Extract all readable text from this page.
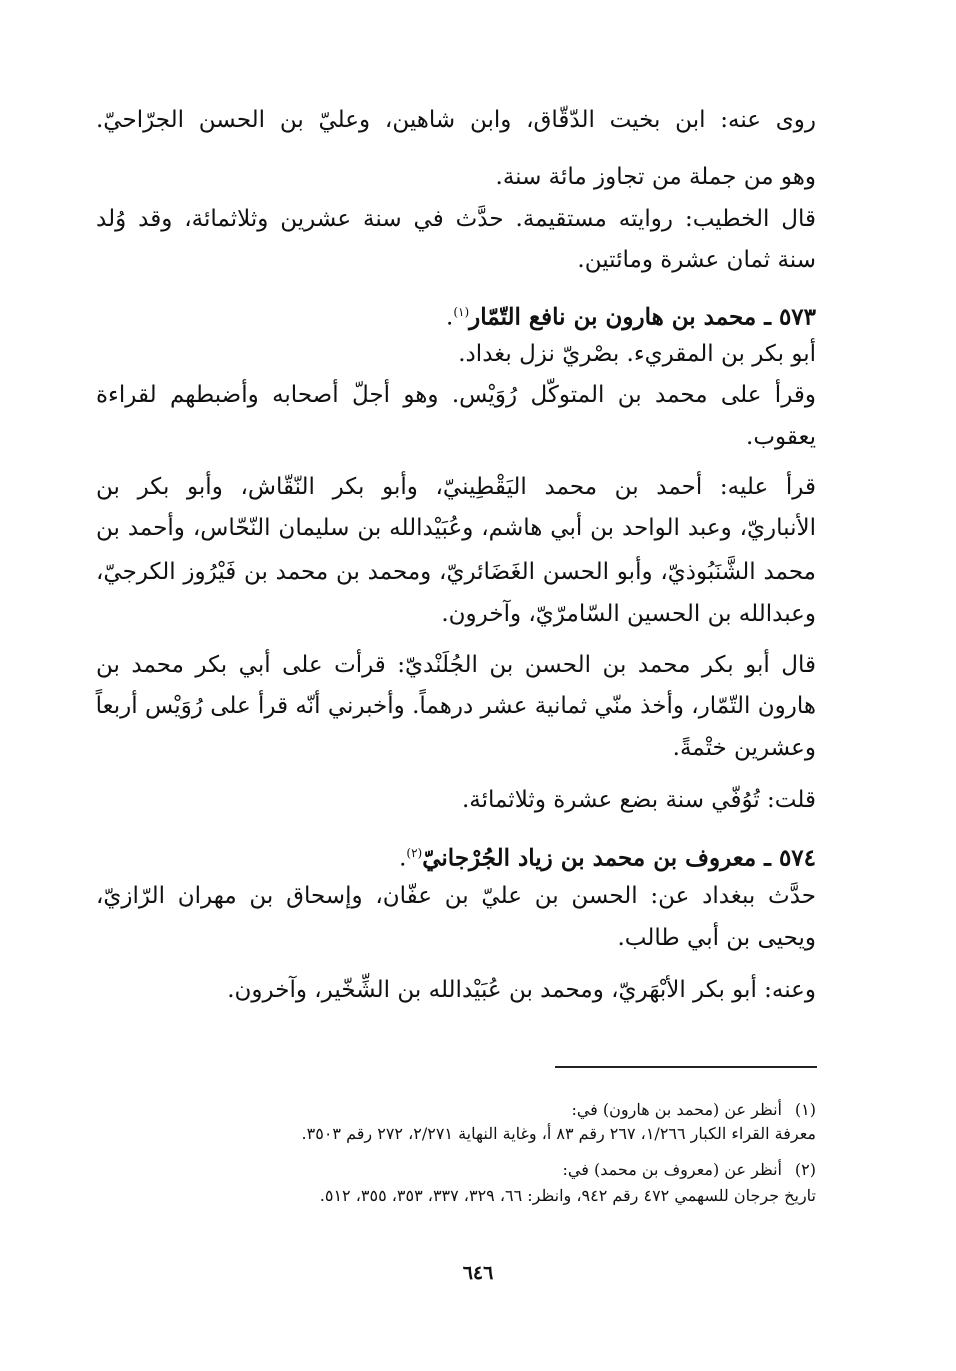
روى عنه: ابن بخيت الدّقّاق، وابن شاهين، وعليّ بن الحسن الجرّاحيّ.
وهو من جملة من تجاوز مائة سنة.
قال الخطيب: روايته مستقيمة. حدَّث في سنة عشرين وثلاثمائة، وقد وُلد
سنة ثمان عشرة ومائتين.
٥٧٣ ـ محمد بن هارون بن نافع التّمّار$^{(١)}$.
أبو بكر بن المقريء. بصْريّ نزل بغداد.
وقرأ على محمد بن المتوكّل رُوَيْس. وهو أجلّ أصحابه وأضبطهم لقراءة
يعقوب.
قرأ عليه: أحمد بن محمد اليَقْطِينيّ، وأبو بكر النّقّاش، وأبو بكر بن
الأنباريّ، وعبد الواحد بن أبي هاشم، وعُبَيْدالله بن سليمان النّحّاس، وأحمد بن
محمد الشَّنَبُوذيّ، وأبو الحسن الغَضَائريّ، ومحمد بن محمد بن فَيْرُوز الكرجيّ،
وعبدالله بن الحسين السّامرّيّ، وآخرون.
قال أبو بكر محمد بن الحسن بن الجُلَنْديّ: قرأت على أبي بكر محمد بن
هارون التّمّار، وأخذ منّي ثمانية عشر درهماً. وأخبرني أنّه قرأ على رُوَيْس أربعاً
وعشرين ختْمةً.
قلت: تُوُفّي سنة بضع عشرة وثلاثمائة.
٥٧٤ ـ معروف بن محمد بن زياد الجُرْجانيّ$^{(٢)}$.
حدَّث ببغداد عن: الحسن بن عليّ بن عفّان، وإسحاق بن مهران الرّازيّ،
ويحيى بن أبي طالب.
وعنه: أبو بكر الأبْهَريّ، ومحمد بن عُبَيْدالله بن الشِّخّير، وآخرون.
(١)أنظر عن (محمد بن هارون) في:
معرفة القراء الكبار ١/٢٦٦، ٢٦٧ رقم ٨٣ أ، وغاية النهاية ٢/٢٧١، ٢٧٢ رقم ٣٥٠٣.
(٢)أنظر عن (معروف بن محمد) في:
تاريخ جرجان للسهمي ٤٧٢ رقم ٩٤٢، وانظر: ٦٦، ٣٢٩، ٣٣٧، ٣٥٣، ٣٥٥، ٥١٢.
٦٤٦
